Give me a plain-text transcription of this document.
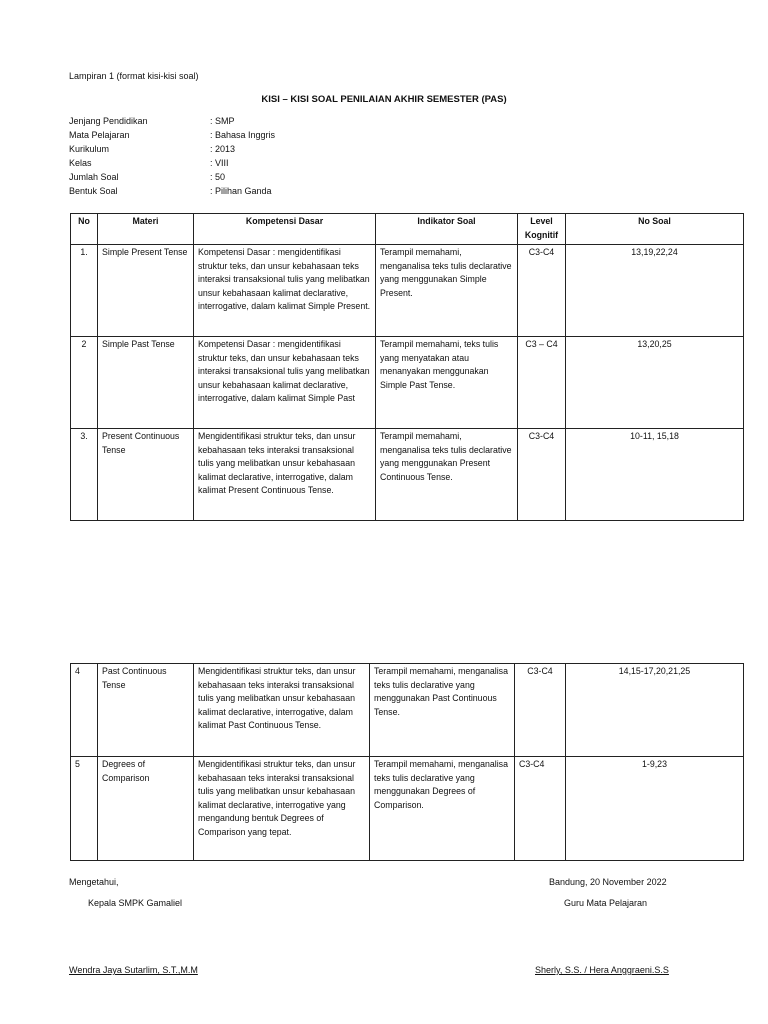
Lampiran 1 (format kisi-kisi soal)
KISI – KISI SOAL PENILAIAN AKHIR SEMESTER (PAS)
Jenjang Pendidikan	: SMP
Mata Pelajaran	: Bahasa Inggris
Kurikulum	: 2013
Kelas	: VIII
Jumlah Soal	: 50
Bentuk Soal	: Pilihan Ganda
No	Materi	Kompetensi Dasar	Indikator Soal	Level Kognitif	No Soal
1.	Simple Present Tense	Kompetensi Dasar : mengidentifikasi struktur teks, dan unsur kebahasaan teks interaksi transaksional tulis yang melibatkan unsur kebahasaan kalimat declarative, interrogative, dalam kalimat Simple Present.	Terampil memahami, menganalisa teks tulis declarative yang menggunakan Simple Present.	C3-C4	13,19,22,24
2	Simple Past Tense	Kompetensi Dasar : mengidentifikasi struktur teks, dan unsur kebahasaan teks interaksi transaksional tulis yang melibatkan unsur kebahasaan kalimat declarative, interrogative, dalam kalimat Simple Past	Terampil memahami, teks tulis yang menyatakan atau menanyakan menggunakan Simple Past Tense.	C3 – C4	13,20,25
3.	Present Continuous Tense	Mengidentifikasi struktur teks, dan unsur kebahasaan teks interaksi transaksional tulis yang melibatkan unsur kebahasaan kalimat declarative, interrogative, dalam kalimat Present Continuous Tense.	Terampil memahami, menganalisa teks tulis declarative yang menggunakan Present Continuous Tense.	C3-C4	10-11, 15,18
4	Past Continuous Tense	Mengidentifikasi struktur teks, dan unsur kebahasaan teks interaksi transaksional tulis yang melibatkan unsur kebahasaan kalimat declarative, interrogative, dalam kalimat Past Continuous Tense.	Terampil memahami, menganalisa teks tulis declarative yang menggunakan Past Continuous Tense.	C3-C4	14,15-17,20,21,25
5	Degrees of Comparison	Mengidentifikasi struktur teks, dan unsur kebahasaan teks interaksi transaksional tulis yang melibatkan unsur kebahasaan kalimat declarative, interrogative yang mengandung bentuk Degrees of Comparison yang tepat.	Terampil memahami, menganalisa teks tulis declarative yang menggunakan Degrees of Comparison.	C3-C4	1-9,23
Mengetahui,
Kepala SMPK Gamaliel
Wendra Jaya Sutarlim, S.T.,M.M
Bandung, 20 November 2022
Guru Mata Pelajaran
Sherly, S.S. / Hera Anggraeni.S.S
